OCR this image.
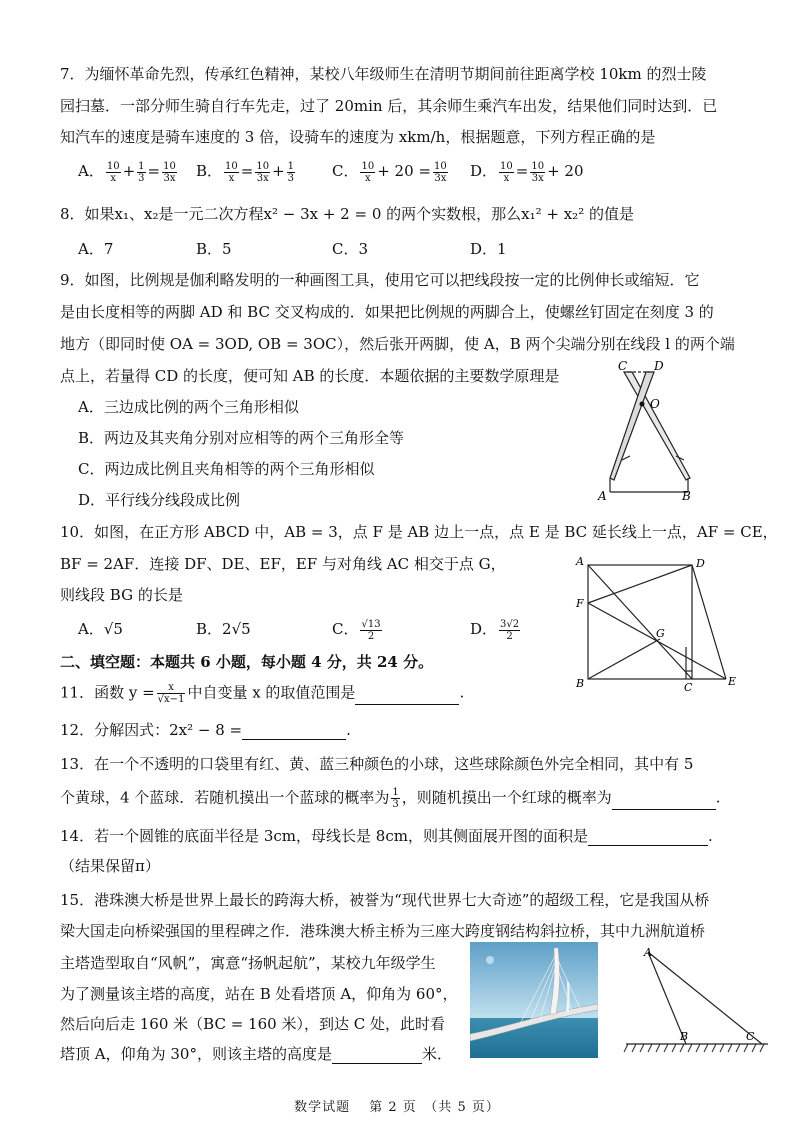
7．为缅怀革命先烈，传承红色精神，某校八年级师生在清明节期间前往距离学校 10km 的烈士陵
园扫墓．一部分师生骑自行车先走，过了 20min 后，其余师生乘汽车出发，结果他们同时达到．已
知汽车的速度是骑车速度的 3 倍，设骑车的速度为 xkm/h，根据题意，下列方程正确的是
A． $\frac{10}{x} + \frac{1}{3} = \frac{10}{3x}$ B． $\frac{10}{x} = \frac{10}{3x} + \frac{1}{3}$ C． $\frac{10}{x} + 20 = \frac{10}{3x}$ D． $\frac{10}{x} = \frac{10}{3x} + 20$
8．如果x₁、x₂是一元二次方程x² − 3x + 2 = 0 的两个实数根，那么x₁² + x₂² 的值是
A．7	B．5	C．3	D．1
9．如图，比例规是伽利略发明的一种画图工具，使用它可以把线段按一定的比例伸长或缩短．它
是由长度相等的两脚 AD 和 BC 交叉构成的．如果把比例规的两脚合上，使螺丝钉固定在刻度 3 的
地方（即同时使 OA = 3OD, OB = 3OC），然后张开两脚，使 A，B 两个尖端分别在线段 l 的两个端
点上，若量得 CD 的长度，便可知 AB 的长度．本题依据的主要数学原理是
A．三边成比例的两个三角形相似
B．两边及其夹角分别对应相等的两个三角形全等
C．两边成比例且夹角相等的两个三角形相似
D．平行线分线段成比例
C D
O
A	B
10．如图，在正方形 ABCD 中，AB = 3，点 F 是 AB 边上一点，点 E 是 BC 延长线上一点，AF = CE，
BF = 2AF．连接 DF、DE、EF，EF 与对角线 AC 相交于点 G，
则线段 BG 的长是
A．√5	B．2√5	C． $\frac{√13}{2}$	D． $\frac{3√2}{2}$
A	D
F
G
B	C	E
二、填空题：本题共 6 小题，每小题 4 分，共 24 分。
11．函数 $y = \frac{x}{√x-1}$ 中自变量 x 的取值范围是	.
12．分解因式：2x² − 8 =	.
13．在一个不透明的口袋里有红、黄、蓝三种颜色的小球，这些球除颜色外完全相同，其中有 5
个黄球，4 个蓝球．若随机摸出一个蓝球的概率为 $\frac{1}{3}$ ，则随机摸出一个红球的概率为	.
14．若一个圆锥的底面半径是 3cm，母线长是 8cm，则其侧面展开图的面积是	.
（结果保留π）
15．港珠澳大桥是世界上最长的跨海大桥，被誉为“现代世界七大奇迹”的超级工程，它是我国从桥
梁大国走向桥梁强国的里程碑之作．港珠澳大桥主桥为三座大跨度钢结构斜拉桥，其中九洲航道桥
主塔造型取自“风帆”，寓意“扬帆起航”，某校九年级学生
为了测量该主塔的高度，站在 B 处看塔顶 A，仰角为 60°，
然后向后走 160 米（BC = 160 米），到达 C 处，此时看
塔顶 A，仰角为 30°，则该主塔的高度是	米．
A
B	C
数学试题　 第 2 页　（共 5 页）
